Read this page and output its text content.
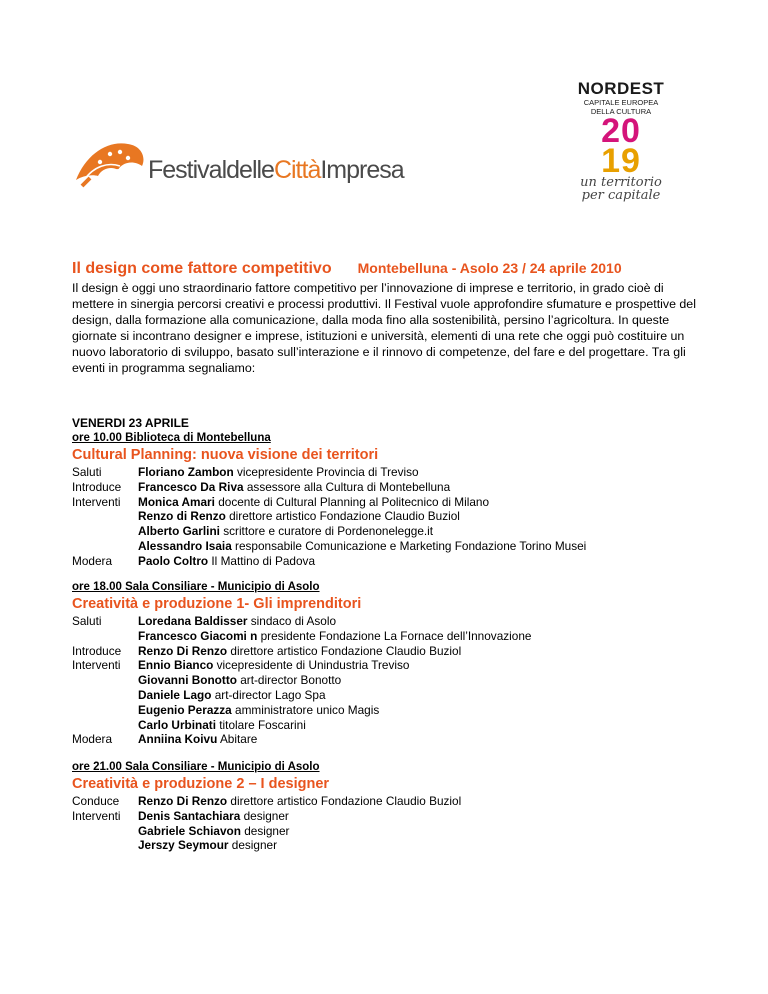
FestivaldelleCittàImpresa
NORDEST
CAPITALE EUROPEA
DELLA CULTURA
20
19
un territorio
per capitale
Il design come fattore competitivo Montebelluna - Asolo 23 / 24 aprile 2010
Il design è oggi uno straordinario fattore competitivo per l’innovazione di imprese e territorio, in grado cioè di mettere in sinergia percorsi creativi e processi produttivi. Il Festival vuole approfondire sfumature e prospettive del design, dalla formazione alla comunicazione, dalla moda fino alla sostenibilità, persino l’agricoltura. In queste giornate si incontrano designer e imprese, istituzioni e università, elementi di una rete che oggi può costituire un nuovo laboratorio di sviluppo, basato sull’interazione e il rinnovo di competenze, del fare e del progettare. Tra gli eventi in programma segnaliamo:
VENERDI 23 APRILE
ore 10.00 Biblioteca di Montebelluna
Cultural Planning: nuova visione dei territori
Saluti	Floriano Zambon vicepresidente Provincia di Treviso
Introduce	Francesco Da Riva assessore alla Cultura di Montebelluna
Interventi	Monica Amari docente di Cultural Planning al Politecnico di Milano
Renzo di Renzo direttore artistico Fondazione Claudio Buziol
Alberto Garlini scrittore e curatore di Pordenonelegge.it
Alessandro Isaia responsabile Comunicazione e Marketing Fondazione Torino Musei
Modera	Paolo Coltro Il Mattino di Padova
ore 18.00 Sala Consiliare - Municipio di Asolo
Creatività e produzione 1- Gli imprenditori
Saluti	Loredana Baldisser sindaco di Asolo
Francesco Giacomi n presidente Fondazione La Fornace dell’Innovazione
Introduce	Renzo Di Renzo direttore artistico Fondazione Claudio Buziol
Interventi	Ennio Bianco vicepresidente di Unindustria Treviso
Giovanni Bonotto art-director Bonotto
Daniele Lago art-director Lago Spa
Eugenio Perazza amministratore unico Magis
Carlo Urbinati titolare Foscarini
Modera	Anniina Koivu Abitare
ore 21.00 Sala Consiliare - Municipio di Asolo
Creatività e produzione 2 – I designer
Conduce	Renzo Di Renzo direttore artistico Fondazione Claudio Buziol
Interventi	Denis Santachiara designer
Gabriele Schiavon designer
Jerszy Seymour designer
